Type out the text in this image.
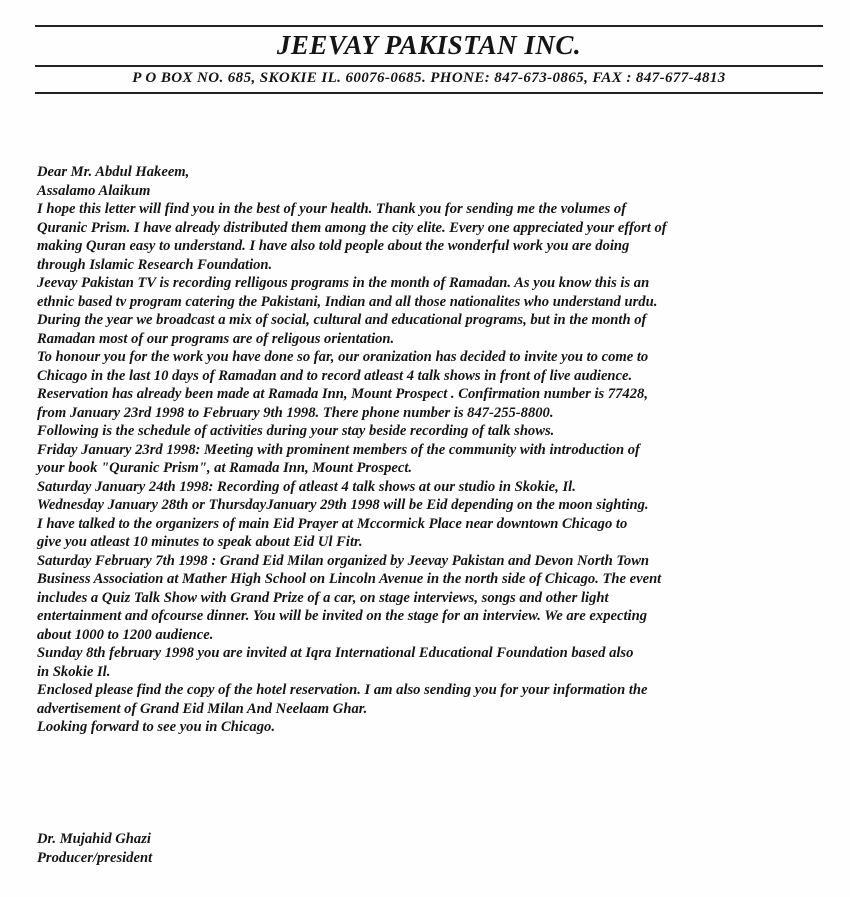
JEEVAY PAKISTAN INC.
P O BOX NO. 685, SKOKIE IL. 60076-0685. PHONE: 847-673-0865, FAX : 847-677-4813
Dear Mr. Abdul Hakeem,
Assalamo Alaikum
I hope this letter will find you in the best of your health. Thank you for sending me the volumes of
Quranic Prism. I have already distributed them among the city elite. Every one appreciated your effort of
making Quran easy to understand. I have also told people about the wonderful work you are doing
through Islamic Research Foundation.
Jeevay Pakistan TV is recording relligous programs in the month of Ramadan. As you know this is an
ethnic based tv program catering the Pakistani, Indian and all those nationalites who understand urdu.
During the year we broadcast a mix of social, cultural and educational programs, but in the month of
Ramadan most of our programs are of religous orientation.
To honour you for the work you have done so far, our oranization has decided to invite you to come to
Chicago in the last 10 days of Ramadan and to record atleast 4 talk shows in front of live audience.
Reservation has already been made at Ramada Inn, Mount Prospect . Confirmation number is 77428,
from January 23rd 1998 to February 9th 1998. There phone number is 847-255-8800.
Following is the schedule of activities during your stay beside recording of talk shows.
Friday January 23rd 1998: Meeting with prominent members of the community with introduction of
your book "Quranic Prism", at Ramada Inn, Mount Prospect.
Saturday January 24th 1998: Recording of atleast 4 talk shows at our studio in Skokie, Il.
Wednesday January 28th or ThursdayJanuary 29th 1998 will be Eid depending on the moon sighting.
I have talked to the organizers of main Eid Prayer at Mccormick Place near downtown Chicago to
give you atleast 10 minutes to speak about Eid Ul Fitr.
Saturday February 7th 1998 : Grand Eid Milan organized by Jeevay Pakistan and Devon North Town
Business Association at Mather High School on Lincoln Avenue in the north side of Chicago. The event
includes a Quiz Talk Show with Grand Prize of a car, on stage interviews, songs and other light
entertainment and ofcourse dinner. You will be invited on the stage for an interview. We are expecting
about 1000 to 1200 audience.
Sunday 8th february 1998 you are invited at Iqra International Educational Foundation based also
in Skokie Il.
Enclosed please find the copy of the hotel reservation. I am also sending you for your information the
advertisement of Grand Eid Milan And Neelaam Ghar.
Looking forward to see you in Chicago.
Dr. Mujahid Ghazi
Producer/president
